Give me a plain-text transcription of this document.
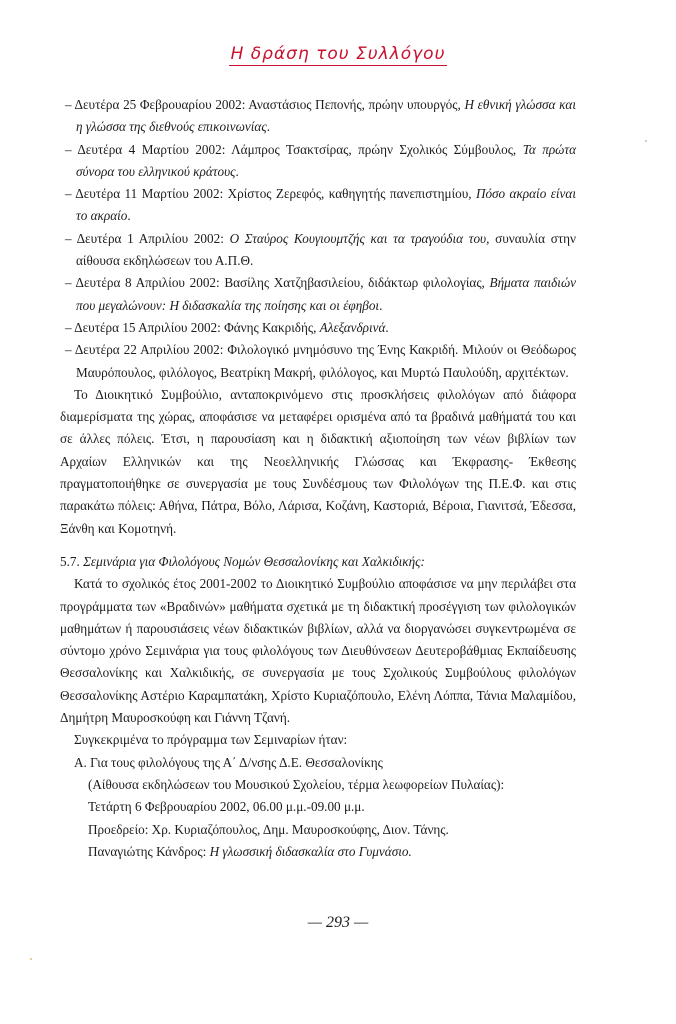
Η δράση του Συλλόγου

– Δευτέρα 25 Φεβρουαρίου 2002: Αναστάσιος Πεπονής, πρώην υπουργός, Η εθνική γλώσσα και η γλώσσα της διεθνούς επικοινωνίας.

– Δευτέρα 4 Μαρτίου 2002: Λάμπρος Τσακτσίρας, πρώην Σχολικός Σύμβουλος, Τα πρώτα σύνορα του ελληνικού κράτους.

– Δευτέρα 11 Μαρτίου 2002: Χρίστος Ζερεφός, καθηγητής πανεπιστημίου, Πόσο ακραίο είναι το ακραίο.

– Δευτέρα 1 Απριλίου 2002: Ο Σταύρος Κουγιουμτζής και τα τραγούδια του, συναυλία στην αίθουσα εκδηλώσεων του Α.Π.Θ.

– Δευτέρα 8 Απριλίου 2002: Βασίλης Χατζηβασιλείου, διδάκτωρ φιλολογίας, Βήματα παιδιών που μεγαλώνουν: Η διδασκαλία της ποίησης και οι έφηβοι.

– Δευτέρα 15 Απριλίου 2002: Φάνης Κακριδής, Αλεξανδρινά.

– Δευτέρα 22 Απριλίου 2002: Φιλολογικό μνημόσυνο της Ένης Κακριδή. Μιλούν οι Θεόδωρος Μαυρόπουλος, φιλόλογος, Βεατρίκη Μακρή, φιλόλογος, και Μυρτώ Παυλούδη, αρχιτέκτων.

Το Διοικητικό Συμβούλιο, ανταποκρινόμενο στις προσκλήσεις φιλολόγων από διάφορα διαμερίσματα της χώρας, αποφάσισε να μεταφέρει ορισμένα από τα βραδινά μαθήματά του και σε άλλες πόλεις. Έτσι, η παρουσίαση και η διδακτική αξιοποίηση των νέων βιβλίων των Αρχαίων Ελληνικών και της Νεοελληνικής Γλώσσας και Έκφρασης- Έκθεσης πραγματοποιήθηκε σε συνεργασία με τους Συνδέσμους των Φιλολόγων της Π.Ε.Φ. και στις παρακάτω πόλεις: Αθήνα, Πάτρα, Βόλο, Λάρισα, Κοζάνη, Καστοριά, Βέροια, Γιανιτσά, Έδεσσα, Ξάνθη και Κομοτηνή.

5.7. Σεμινάρια για Φιλολόγους Νομών Θεσσαλονίκης και Χαλκιδικής:

Κατά το σχολικός έτος 2001-2002 το Διοικητικό Συμβούλιο αποφάσισε να μην περιλάβει στα προγράμματα των «Βραδινών» μαθήματα σχετικά με τη διδακτική προσέγγιση των φιλολογικών μαθημάτων ή παρουσιάσεις νέων διδακτικών βιβλίων, αλλά να διοργανώσει συγκεντρωμένα σε σύντομο χρόνο Σεμινάρια για τους φιλολόγους των Διευθύνσεων Δευτεροβάθμιας Εκπαίδευσης Θεσσαλονίκης και Χαλκιδικής, σε συνεργασία με τους Σχολικούς Συμβούλους φιλολόγων Θεσσαλονίκης Αστέριο Καραμπατάκη, Χρίστο Κυριαζόπουλο, Ελένη Λόππα, Τάνια Μαλαμίδου, Δημήτρη Μαυροσκούφη και Γιάννη Τζανή.

Συγκεκριμένα το πρόγραμμα των Σεμιναρίων ήταν:

Α. Για τους φιλολόγους της Α΄ Δ/νσης Δ.Ε. Θεσσαλονίκης

(Αίθουσα εκδηλώσεων του Μουσικού Σχολείου, τέρμα λεωφορείων Πυλαίας):

Τετάρτη 6 Φεβρουαρίου 2002, 06.00 μ.μ.-09.00 μ.μ.

Προεδρείο: Χρ. Κυριαζόπουλος, Δημ. Μαυροσκούφης, Διον. Τάνης.

Παναγιώτης Κάνδρος: Η γλωσσική διδασκαλία στο Γυμνάσιο.

— 293 —
